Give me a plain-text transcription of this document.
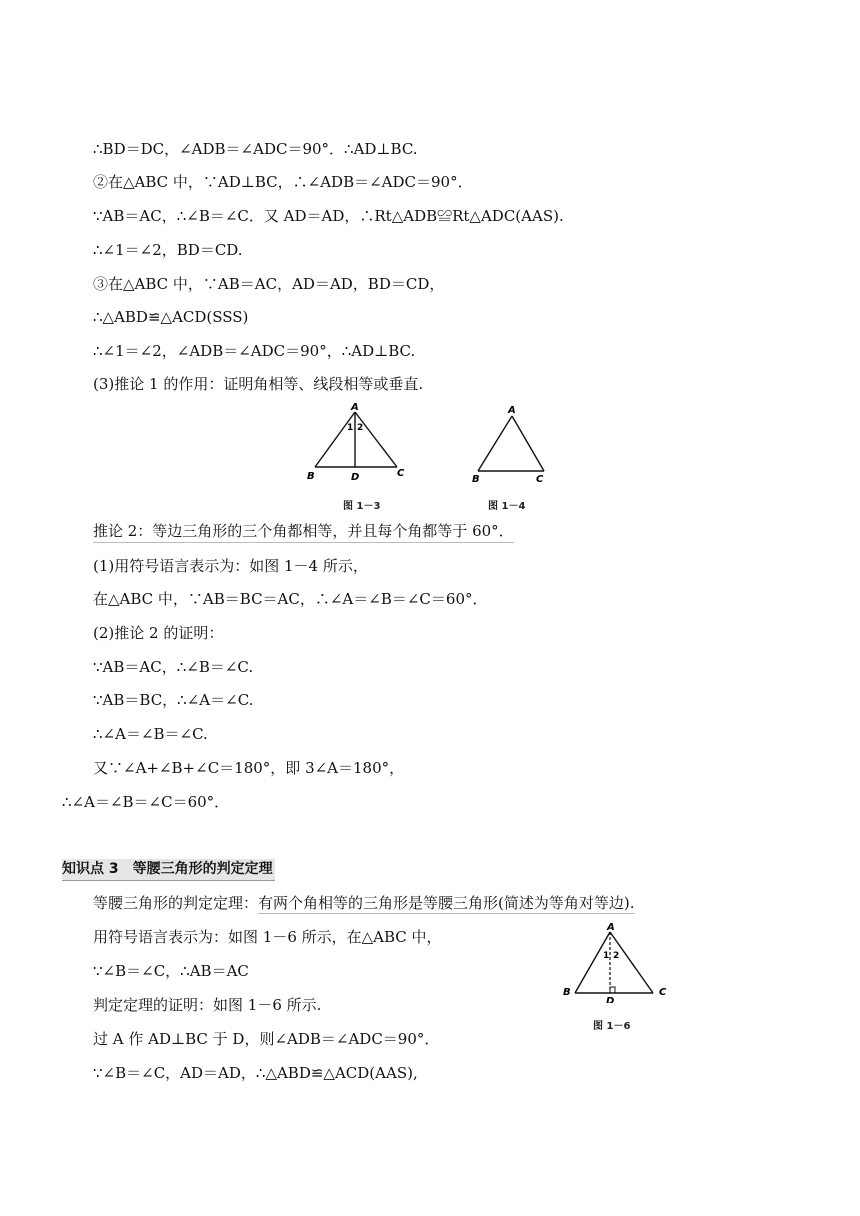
∴BD＝DC，∠ADB＝∠ADC＝90°．∴AD⊥BC.
②在△ABC 中，∵AD⊥BC，∴∠ADB＝∠ADC＝90°．
∵AB＝AC，∴∠B＝∠C．又 AD＝AD，∴Rt△ADB≌Rt△ADC(AAS).
∴∠1＝∠2，BD＝CD.
③在△ABC 中，∵AB＝AC，AD＝AD，BD＝CD，
∴△ABD≌△ACD(SSS)
∴∠1＝∠2，∠ADB＝∠ADC＝90°，∴AD⊥BC.
(3)推论 1 的作用：证明角相等、线段相等或垂直.
A
B	C
D
1 2
图 1－3
A
B	C
图 1－4
推论 2：等边三角形的三个角都相等，并且每个角都等于 60°．
(1)用符号语言表示为：如图 1－4 所示，
在△ABC 中，∵AB＝BC＝AC，∴∠A＝∠B＝∠C＝60°．
(2)推论 2 的证明：
∵AB＝AC，∴∠B＝∠C.
∵AB＝BC，∴∠A＝∠C.
∴∠A＝∠B＝∠C.
又∵∠A+∠B+∠C＝180°，即 3∠A＝180°，
∴∠A＝∠B＝∠C＝60°．
知识点 3　等腰三角形的判定定理
等腰三角形的判定定理：有两个角相等的三角形是等腰三角形(简述为等角对等边).
用符号语言表示为：如图 1－6 所示，在△ABC 中，
∵∠B＝∠C，∴AB＝AC
判定定理的证明：如图 1－6 所示.
过 A 作 AD⊥BC 于 D，则∠ADB＝∠ADC＝90°．
∵∠B＝∠C，AD＝AD，∴△ABD≌△ACD(AAS),
A
B	C
D
1 2
图 1－6
